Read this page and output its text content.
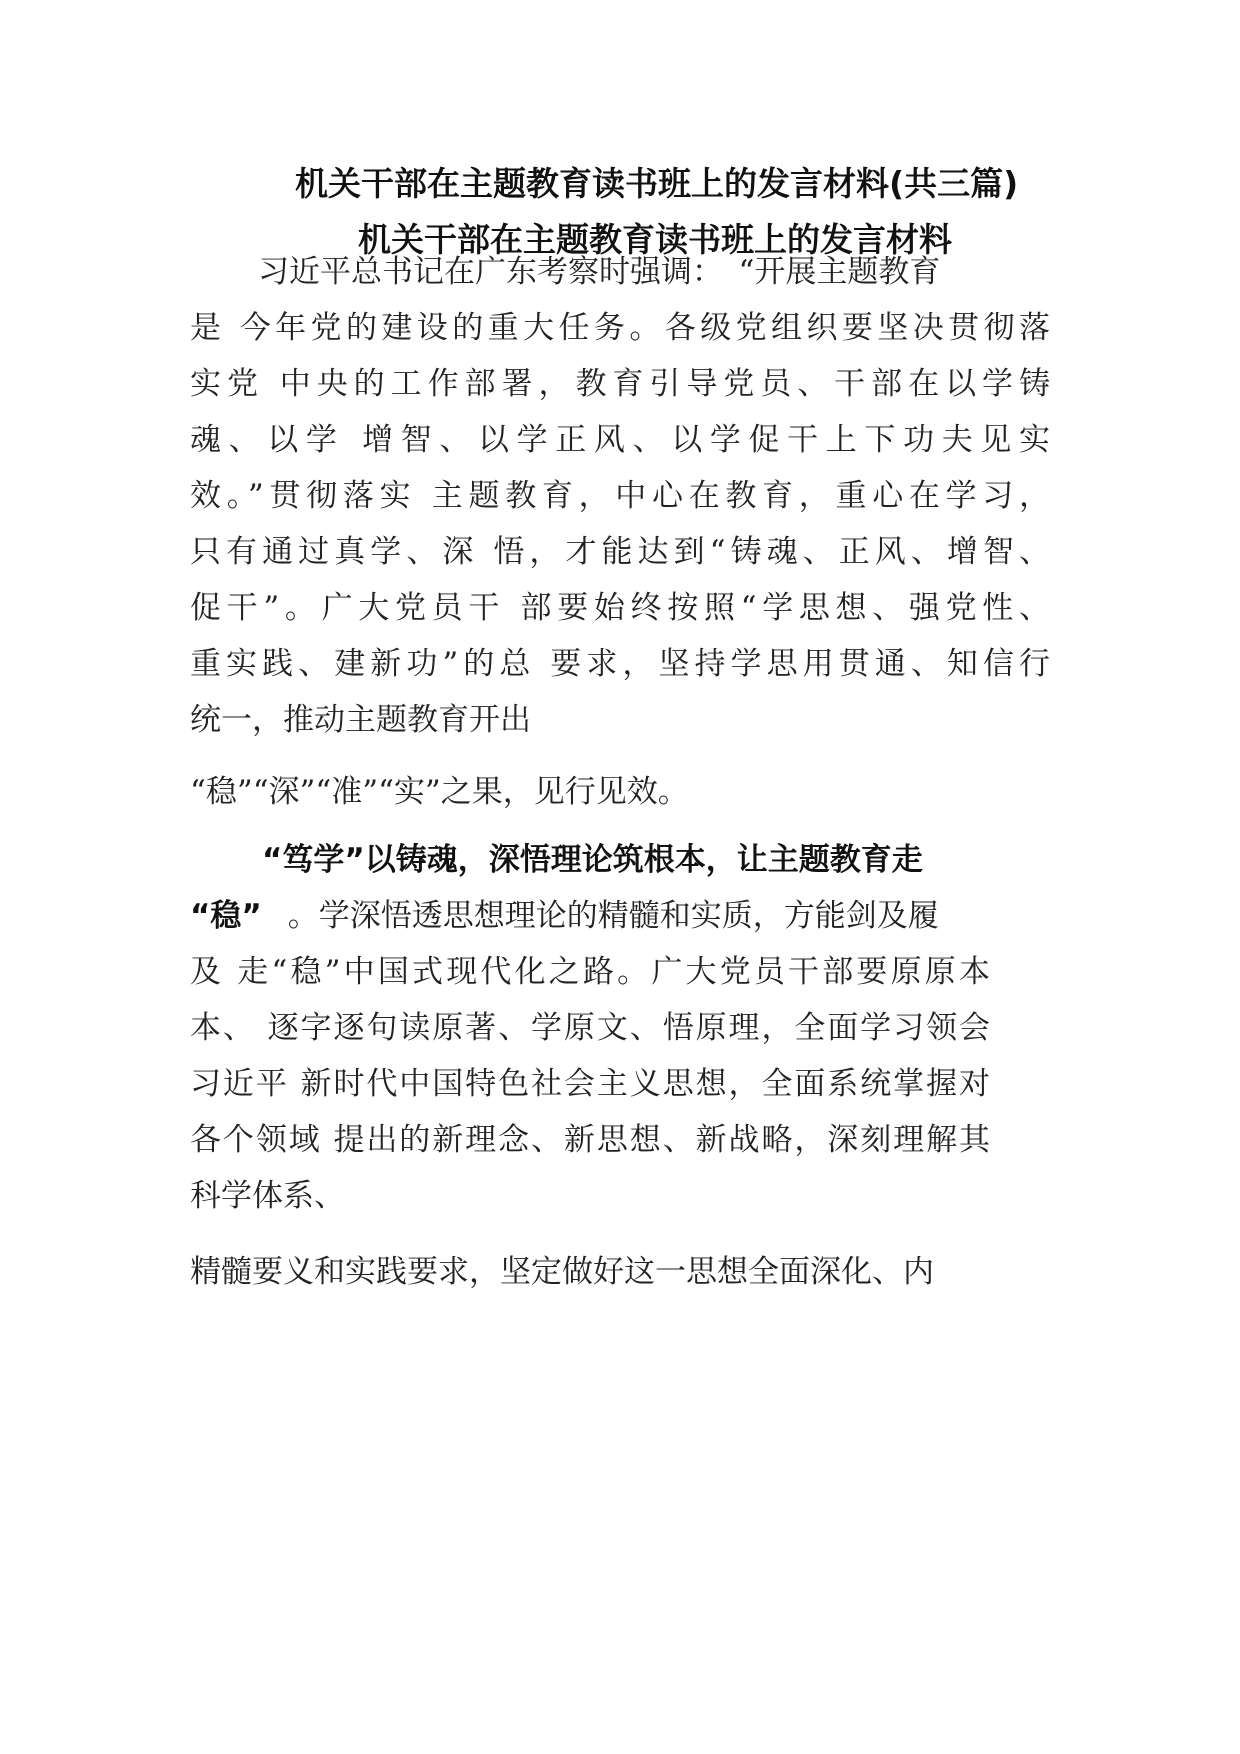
机关干部在主题教育读书班上的发言材料(共三篇)
机关干部在主题教育读书班上的发言材料
习近平总书记在广东考察时强调：　“开展主题教育
是 今年党的建设的重大任务。各级党组织要坚决贯彻落
实党 中央的工作部署，教育引导党员、干部在以学铸
魂、以学 增智、以学正风、以学促干上下功夫见实
效。”贯彻落实 主题教育，中心在教育，重心在学习，
只有通过真学、深 悟，才能达到“铸魂、正风、增智、
促干”。广大党员干 部要始终按照“学思想、强党性、
重实践、建新功”的总 要求，坚持学思用贯通、知信行
统一，推动主题教育开出
“稳”“深”“准”“实”之果，见行见效。
“笃学”以铸魂，深悟理论筑根本，让主题教育走
“稳” 。学深悟透思想理论的精髓和实质，方能剑及履
及 走“稳”中国式现代化之路。广大党员干部要原原本
本、 逐字逐句读原著、学原文、悟原理，全面学习领会
习近平 新时代中国特色社会主义思想，全面系统掌握对
各个领域 提出的新理念、新思想、新战略，深刻理解其
科学体系、
精髓要义和实践要求，坚定做好这一思想全面深化、内
